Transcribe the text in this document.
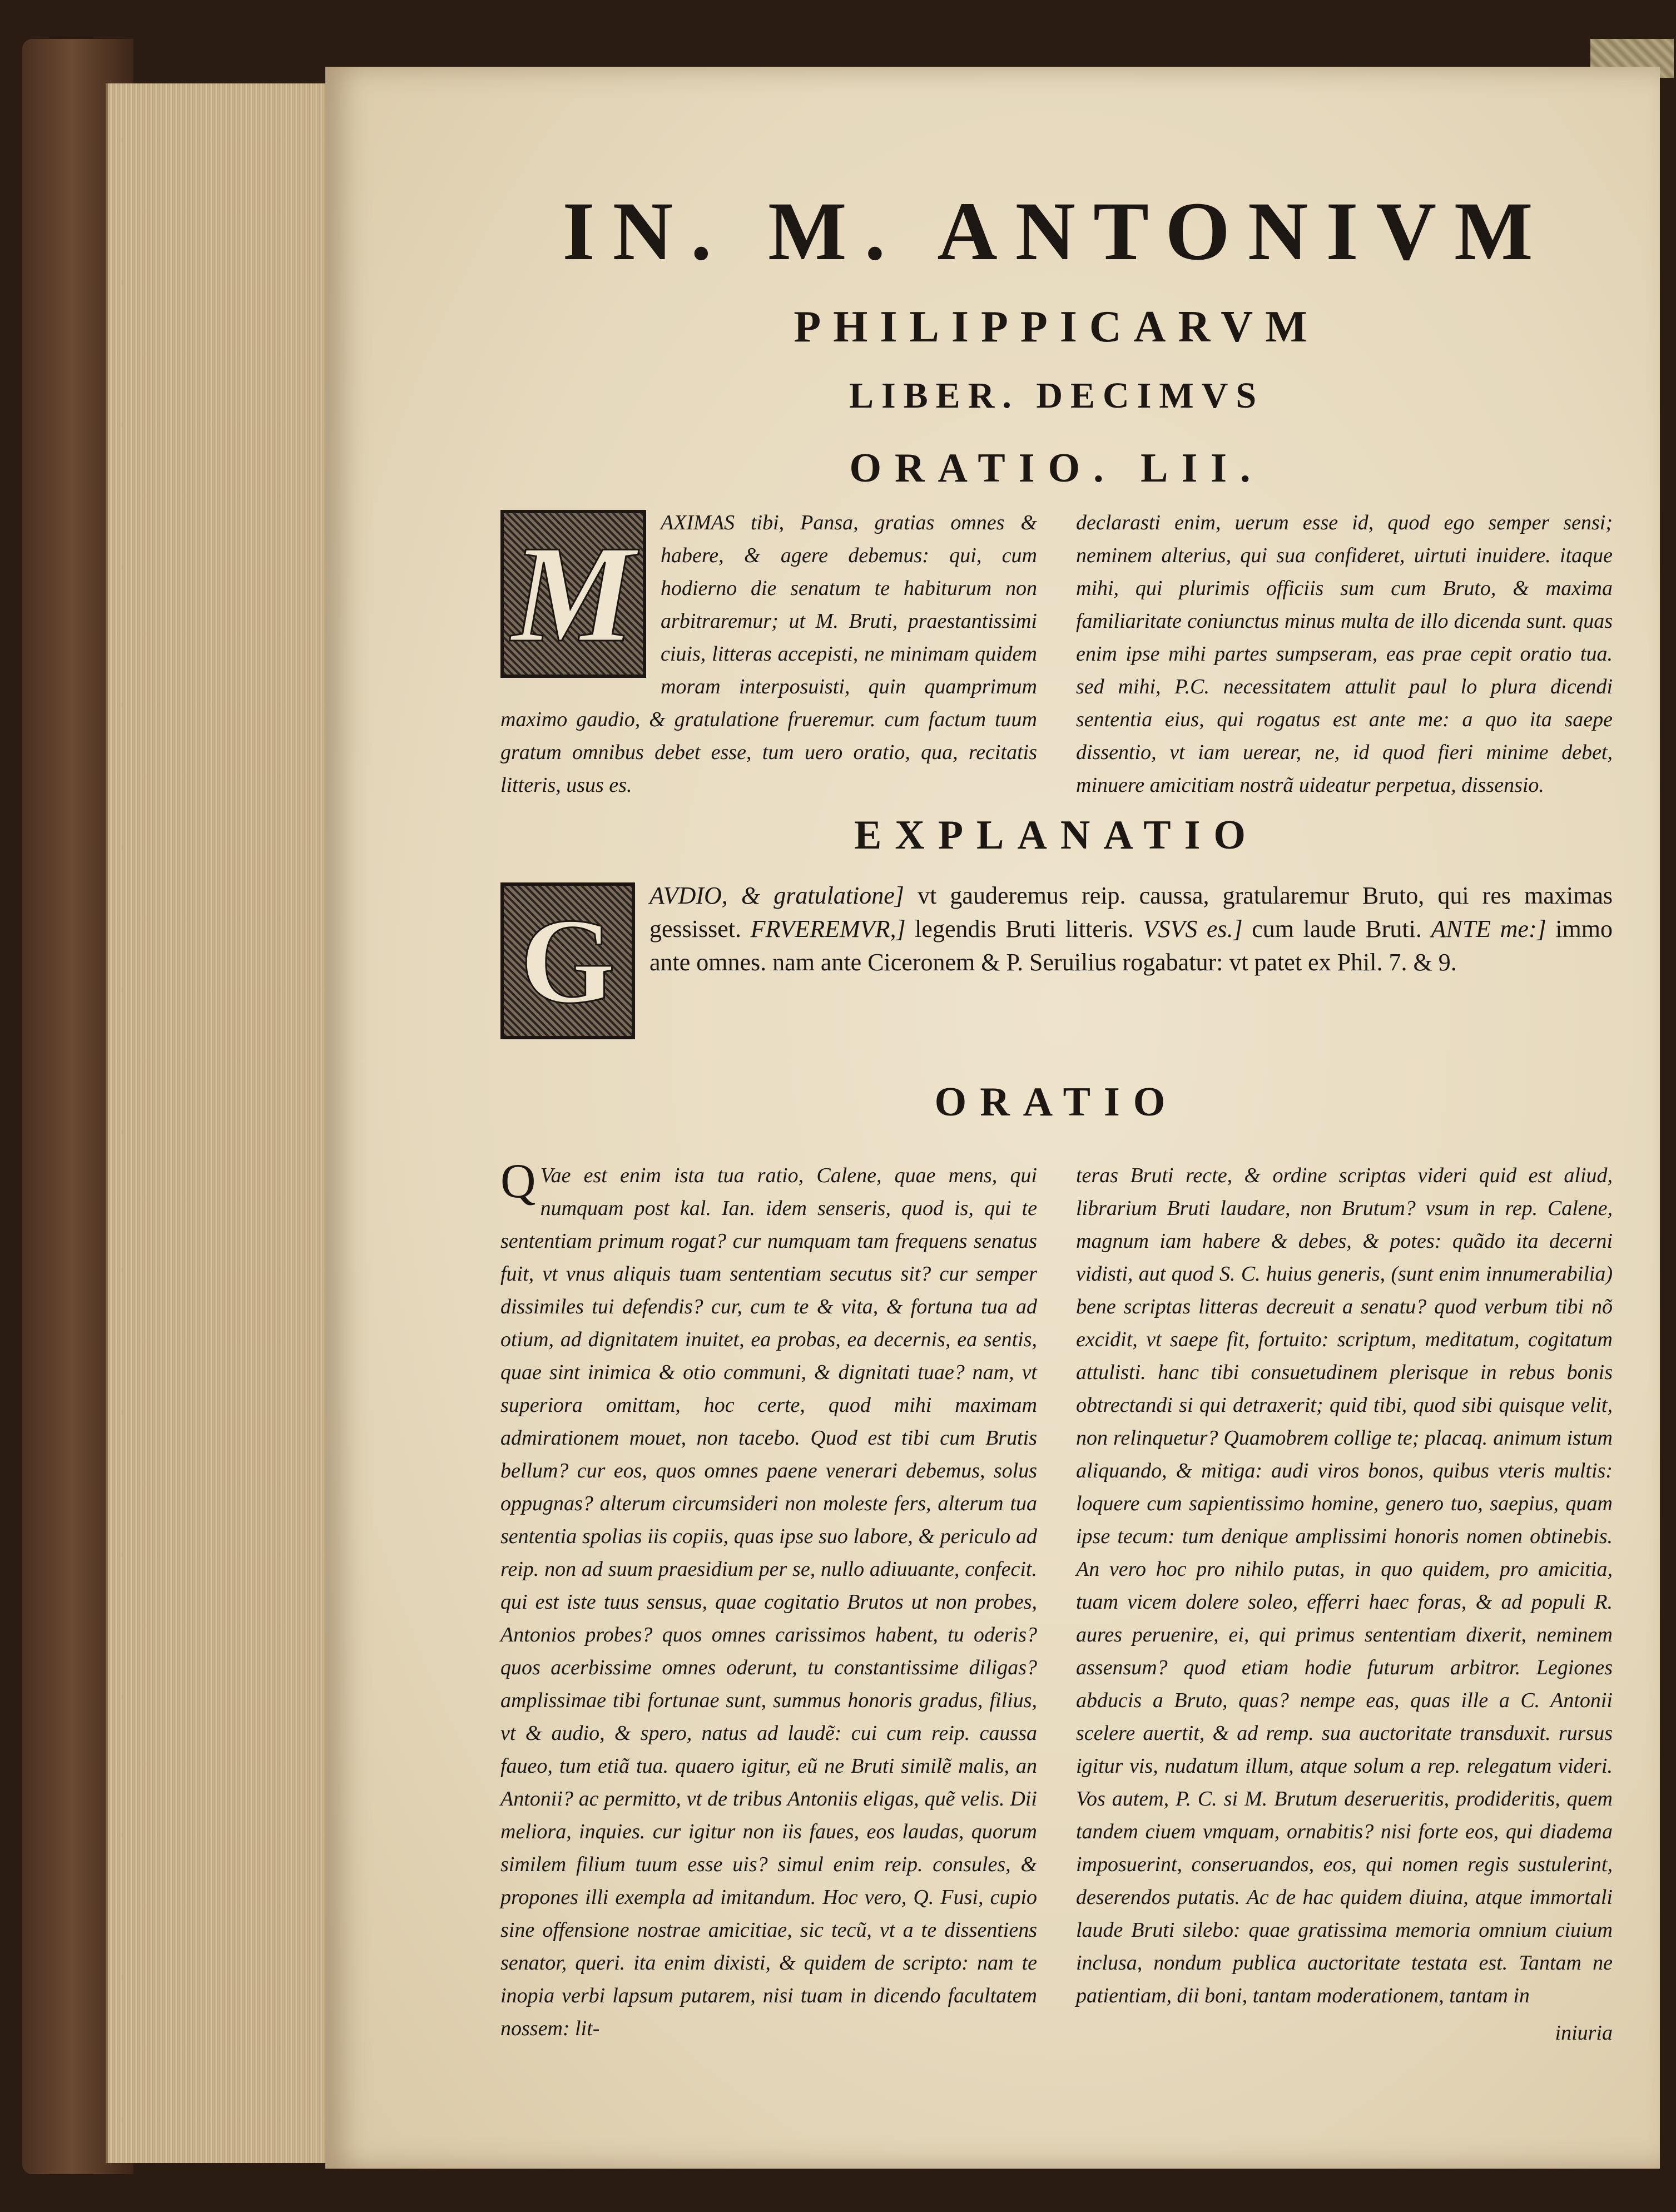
IN. M. ANTONIVM
PHILIPPICARVM
LIBER. DECIMVS
ORATIO. LII.
M AXIMAS tibi, Pansa, gratias omnes & habere, & agere debemus: qui, cum hodierno die senatum te habiturum non arbitraremur; ut M. Bruti, praestantissimi ciuis, litteras accepisti, ne minimam quidem moram interposuisti, quin quamprimum maximo gaudio, & gratulatione frueremur. cum factum tuum gratum omnibus debet esse, tum uero oratio, qua, recitatis litteris, usus es.
declarasti enim, uerum esse id, quod ego semper sensi; neminem alterius, qui sua confideret, uirtuti inuidere. itaque mihi, qui plurimis officiis sum cum Bruto, & maxima familiaritate coniunctus minus multa de illo dicenda sunt. quas enim ipse mihi partes sumpseram, eas prae cepit oratio tua. sed mihi, P.C. necessitatem attulit paul lo plura dicendi sententia eius, qui rogatus est ante me: a quo ita saepe dissentio, vt iam uerear, ne, id quod fieri minime debet, minuere amicitiam nostrã uideatur perpetua, dissensio.
EXPLANATIO
G AVDIO, & gratulatione] vt gauderemus reip. caussa, gratularemur Bruto, qui res maximas gessisset. FRVEREMVR,] legendis Bruti litteris. VSVS es.] cum laude Bruti. ANTE me:] immo ante omnes. nam ante Ciceronem & P. Seruilius rogabatur: vt patet ex Phil. 7. & 9.
ORATIO
Q Vae est enim ista tua ratio, Calene, quae mens, qui numquam post kal. Ian. idem senseris, quod is, qui te sententiam primum rogat? cur numquam tam frequens senatus fuit, vt vnus aliquis tuam sententiam secutus sit? cur semper dissimiles tui defendis? cur, cum te & vita, & fortuna tua ad otium, ad dignitatem inuitet, ea probas, ea decernis, ea sentis, quae sint inimica & otio communi, & dignitati tuae? nam, vt superiora omittam, hoc certe, quod mihi maximam admirationem mouet, non tacebo. Quod est tibi cum Brutis bellum? cur eos, quos omnes paene venerari debemus, solus oppugnas? alterum circumsideri non moleste fers, alterum tua sententia spolias iis copiis, quas ipse suo labore, & periculo ad reip. non ad suum praesidium per se, nullo adiuuante, confecit. qui est iste tuus sensus, quae cogitatio Brutos ut non probes, Antonios probes? quos omnes carissimos habent, tu oderis? quos acerbissime omnes oderunt, tu constantissime diligas? amplissimae tibi fortunae sunt, summus honoris gradus, filius, vt & audio, & spero, natus ad laudẽ: cui cum reip. caussa faueo, tum etiã tua. quaero igitur, eũ ne Bruti similẽ malis, an Antonii? ac permitto, vt de tribus Antoniis eligas, quẽ velis. Dii meliora, inquies. cur igitur non iis faues, eos laudas, quorum similem filium tuum esse uis? simul enim reip. consules, & propones illi exempla ad imitandum. Hoc vero, Q. Fusi, cupio sine offensione nostrae amicitiae, sic tecũ, vt a te dissentiens senator, queri. ita enim dixisti, & quidem de scripto: nam te inopia verbi lapsum putarem, nisi tuam in dicendo facultatem nossem: lit-
teras Bruti recte, & ordine scriptas videri quid est aliud, librarium Bruti laudare, non Brutum? vsum in rep. Calene, magnum iam habere & debes, & potes: quãdo ita decerni vidisti, aut quod S. C. huius generis, (sunt enim innumerabilia) bene scriptas litteras decreuit a senatu? quod verbum tibi nõ excidit, vt saepe fit, fortuito: scriptum, meditatum, cogitatum attulisti. hanc tibi consuetudinem plerisque in rebus bonis obtrectandi si qui detraxerit; quid tibi, quod sibi quisque velit, non relinquetur? Quamobrem collige te; placaq. animum istum aliquando, & mitiga: audi viros bonos, quibus vteris multis: loquere cum sapientissimo homine, genero tuo, saepius, quam ipse tecum: tum denique amplissimi honoris nomen obtinebis. An vero hoc pro nihilo putas, in quo quidem, pro amicitia, tuam vicem dolere soleo, efferri haec foras, & ad populi R. aures peruenire, ei, qui primus sententiam dixerit, neminem assensum? quod etiam hodie futurum arbitror. Legiones abducis a Bruto, quas? nempe eas, quas ille a C. Antonii scelere auertit, & ad remp. sua auctoritate transduxit. rursus igitur vis, nudatum illum, atque solum a rep. relegatum videri. Vos autem, P. C. si M. Brutum deserueritis, prodideritis, quem tandem ciuem vmquam, ornabitis? nisi forte eos, qui diadema imposuerint, conseruandos, eos, qui nomen regis sustulerint, deserendos putatis. Ac de hac quidem diuina, atque immortali laude Bruti silebo: quae gratissima memoria omnium ciuium inclusa, nondum publica auctoritate testata est. Tantam ne patientiam, dii boni, tantam moderationem, tantam in
iniuria
